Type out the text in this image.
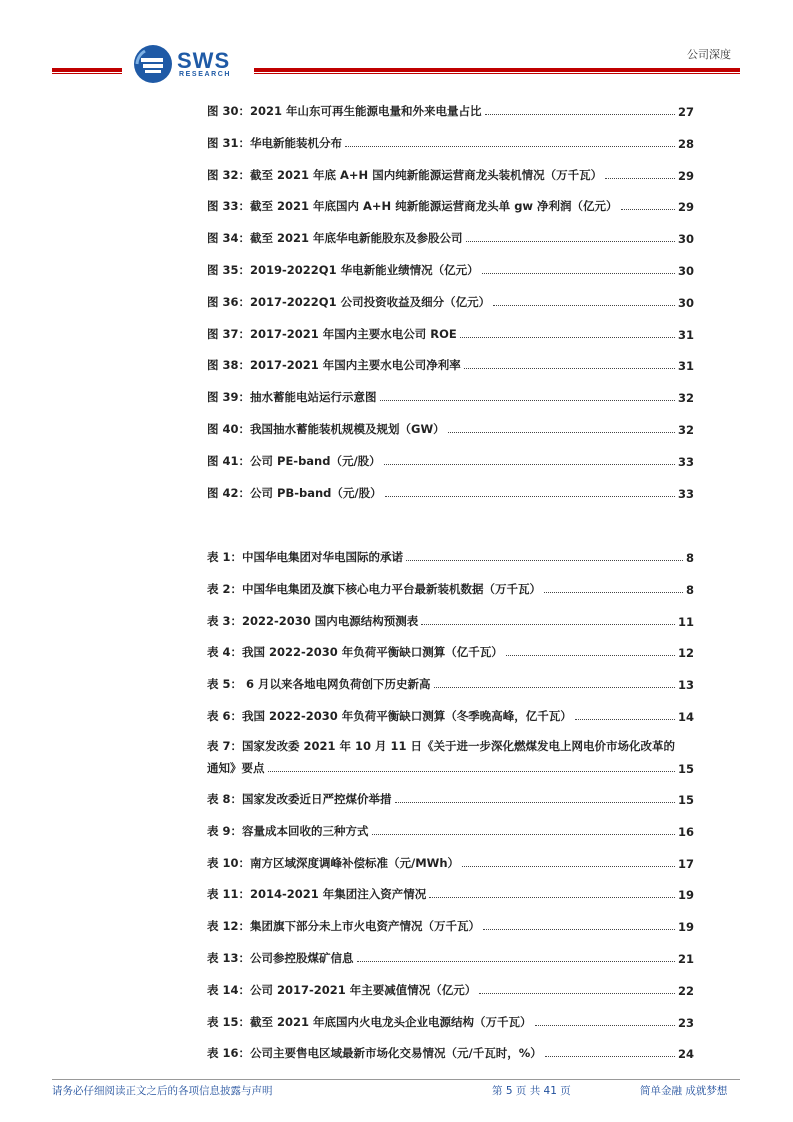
SWS
RESEARCH
公司深度
图 30：2021 年山东可再生能源电量和外来电量占比	27
图 31：华电新能装机分布	28
图 32：截至 2021 年底 A+H 国内纯新能源运营商龙头装机情况（万千瓦）	29
图 33：截至 2021 年底国内 A+H 纯新能源运营商龙头单 gw 净利润（亿元）	29
图 34：截至 2021 年底华电新能股东及参股公司	30
图 35：2019-2022Q1 华电新能业绩情况（亿元）	30
图 36：2017-2022Q1 公司投资收益及细分（亿元）	30
图 37：2017-2021 年国内主要水电公司 ROE	31
图 38：2017-2021 年国内主要水电公司净利率	31
图 39：抽水蓄能电站运行示意图	32
图 40：我国抽水蓄能装机规模及规划（GW）	32
图 41：公司 PE-band（元/股）	33
图 42：公司 PB-band（元/股）	33
表 1：中国华电集团对华电国际的承诺	8
表 2：中国华电集团及旗下核心电力平台最新装机数据（万千瓦）	8
表 3：2022-2030 国内电源结构预测表	11
表 4：我国 2022-2030 年负荷平衡缺口测算（亿千瓦）	12
表 5： 6 月以来各地电网负荷创下历史新高	13
表 6：我国 2022-2030 年负荷平衡缺口测算（冬季晚高峰，亿千瓦）	14
表 7：国家发改委 2021 年 10 月 11 日《关于进一步深化燃煤发电上网电价市场化改革的
通知》要点	15
表 8：国家发改委近日严控煤价举措	15
表 9：容量成本回收的三种方式	16
表 10：南方区域深度调峰补偿标准（元/MWh）	17
表 11：2014-2021 年集团注入资产情况	19
表 12：集团旗下部分未上市火电资产情况（万千瓦）	19
表 13：公司参控股煤矿信息	21
表 14：公司 2017-2021 年主要减值情况（亿元）	22
表 15：截至 2021 年底国内火电龙头企业电源结构（万千瓦）	23
表 16：公司主要售电区域最新市场化交易情况（元/千瓦时，%）	24
请务必仔细阅读正文之后的各项信息披露与声明	第 5 页 共 41 页	简单金融 成就梦想
